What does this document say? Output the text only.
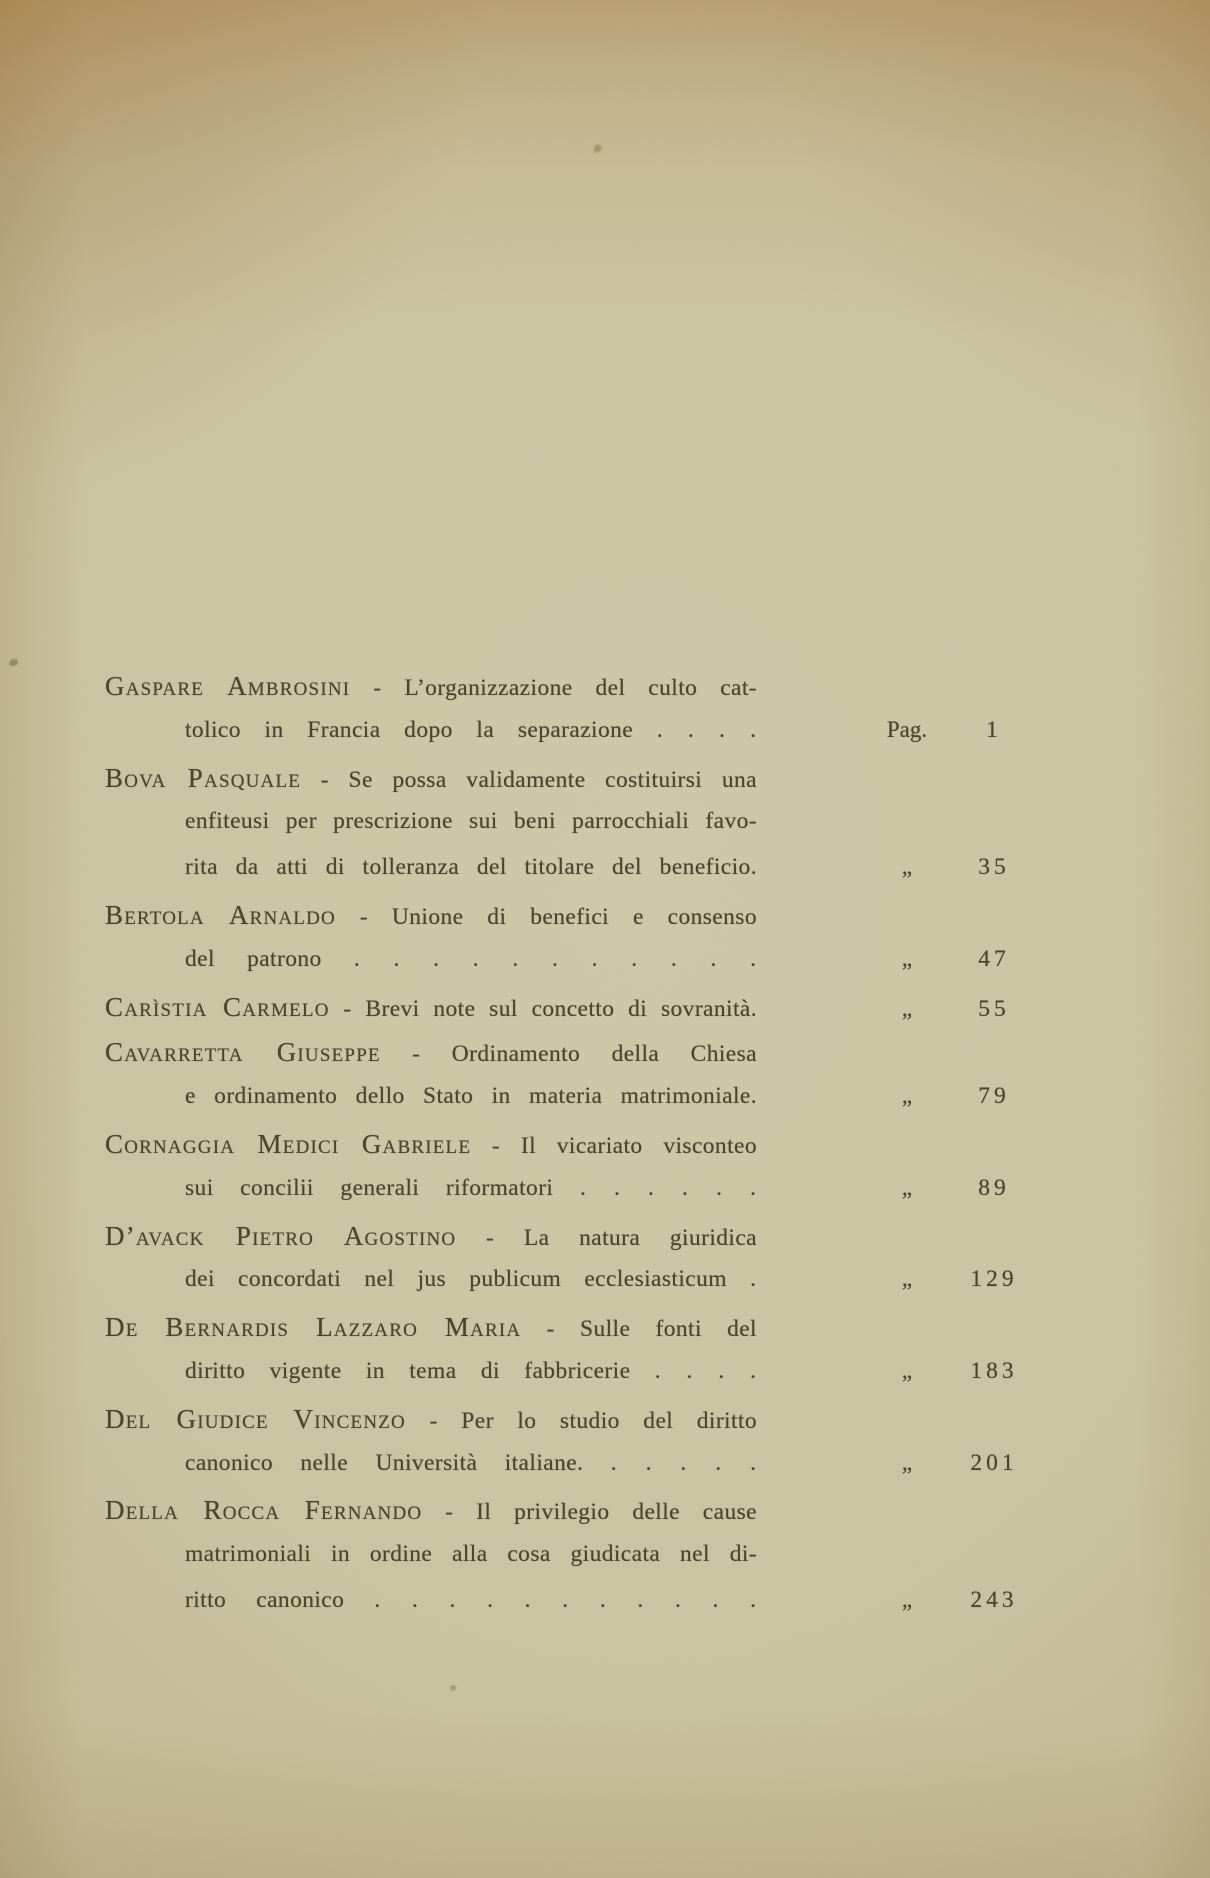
Gaspare Ambrosini - L’organizzazione del culto cat-
tolico in Francia dopo la separazione . . . .	Pag.	1
Bova Pasquale - Se possa validamente costituirsi una
enfiteusi per prescrizione sui beni parrocchiali favo-
rita da atti di tolleranza del titolare del beneficio.	„	35
Bertola Arnaldo - Unione di benefici e consenso
del patrono . . . . . . . . . . .	„	47
Carìstia Carmelo - Brevi note sul concetto di sovranità.	„	55
Cavarretta Giuseppe - Ordinamento della Chiesa
e ordinamento dello Stato in materia matrimoniale.	„	79
Cornaggia Medici Gabriele - Il vicariato visconteo
sui concilii generali riformatori . . . . . .	„	89
D’avack Pietro Agostino - La natura giuridica
dei concordati nel jus publicum ecclesiasticum .	„	129
De Bernardis Lazzaro Maria - Sulle fonti del
diritto vigente in tema di fabbricerie . . . .	„	183
Del Giudice Vincenzo - Per lo studio del diritto
canonico nelle Università italiane. . . . . .	„	201
Della Rocca Fernando - Il privilegio delle cause
matrimoniali in ordine alla cosa giudicata nel di-
ritto canonico . . . . . . . . . . .	„	243
